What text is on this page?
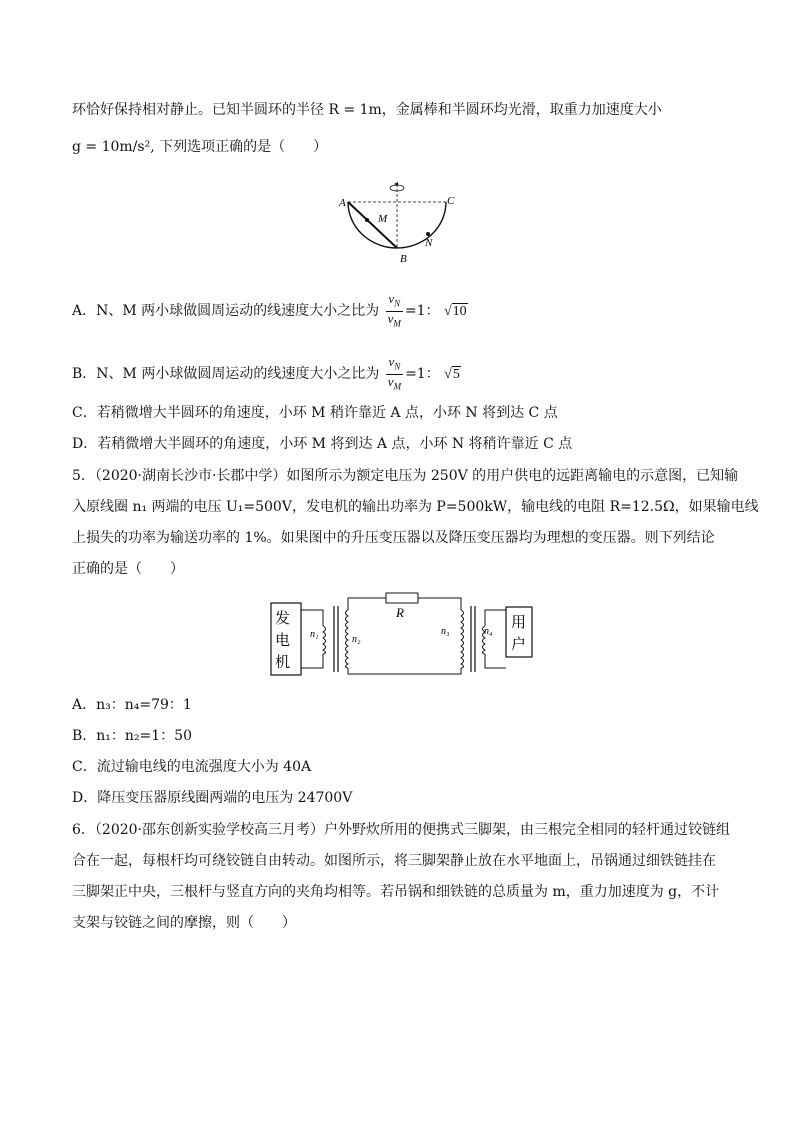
环恰好保持相对静止。已知半圆环的半径 R = 1m，金属棒和半圆环均光滑，取重力加速度大小
g = 10m/s², 下列选项正确的是（　　）
A	C
M
N
B
A．N、M 两小球做圆周运动的线速度大小之比为 $\frac{v_N}{v_M} =1$： √10
B．N、M 两小球做圆周运动的线速度大小之比为 $\frac{v_N}{v_M} =1$： √5
C．若稍微增大半圆环的角速度，小环 M 稍许靠近 A 点，小环 N 将到达 C 点
D．若稍微增大半圆环的角速度，小环 M 将到达 A 点，小环 N 将稍许靠近 C 点
5．（2020·湖南长沙市·长郡中学）如图所示为额定电压为 250V 的用户供电的远距离输电的示意图，已知输
入原线圈 n₁ 两端的电压 U₁=500V，发电机的输出功率为 P=500kW，输电线的电阻 R=12.5Ω，如果输电线
上损失的功率为输送功率的 1%。如果图中的升压变压器以及降压变压器均为理想的变压器。则下列结论
正确的是（　　）
发
电
机
R
用
户
n₁	n₂
n₃	n₄
A．n₃：n₄=79：1
B．n₁：n₂=1：50
C．流过输电线的电流强度大小为 40A
D．降压变压器原线圈两端的电压为 24700V
6．（2020·邵东创新实验学校高三月考）户外野炊所用的便携式三脚架，由三根完全相同的轻杆通过铰链组
合在一起，每根杆均可绕铰链自由转动。如图所示，将三脚架静止放在水平地面上，吊锅通过细铁链挂在
三脚架正中央，三根杆与竖直方向的夹角均相等。若吊锅和细铁链的总质量为 m，重力加速度为 g，不计
支架与铰链之间的摩擦，则（　　）
